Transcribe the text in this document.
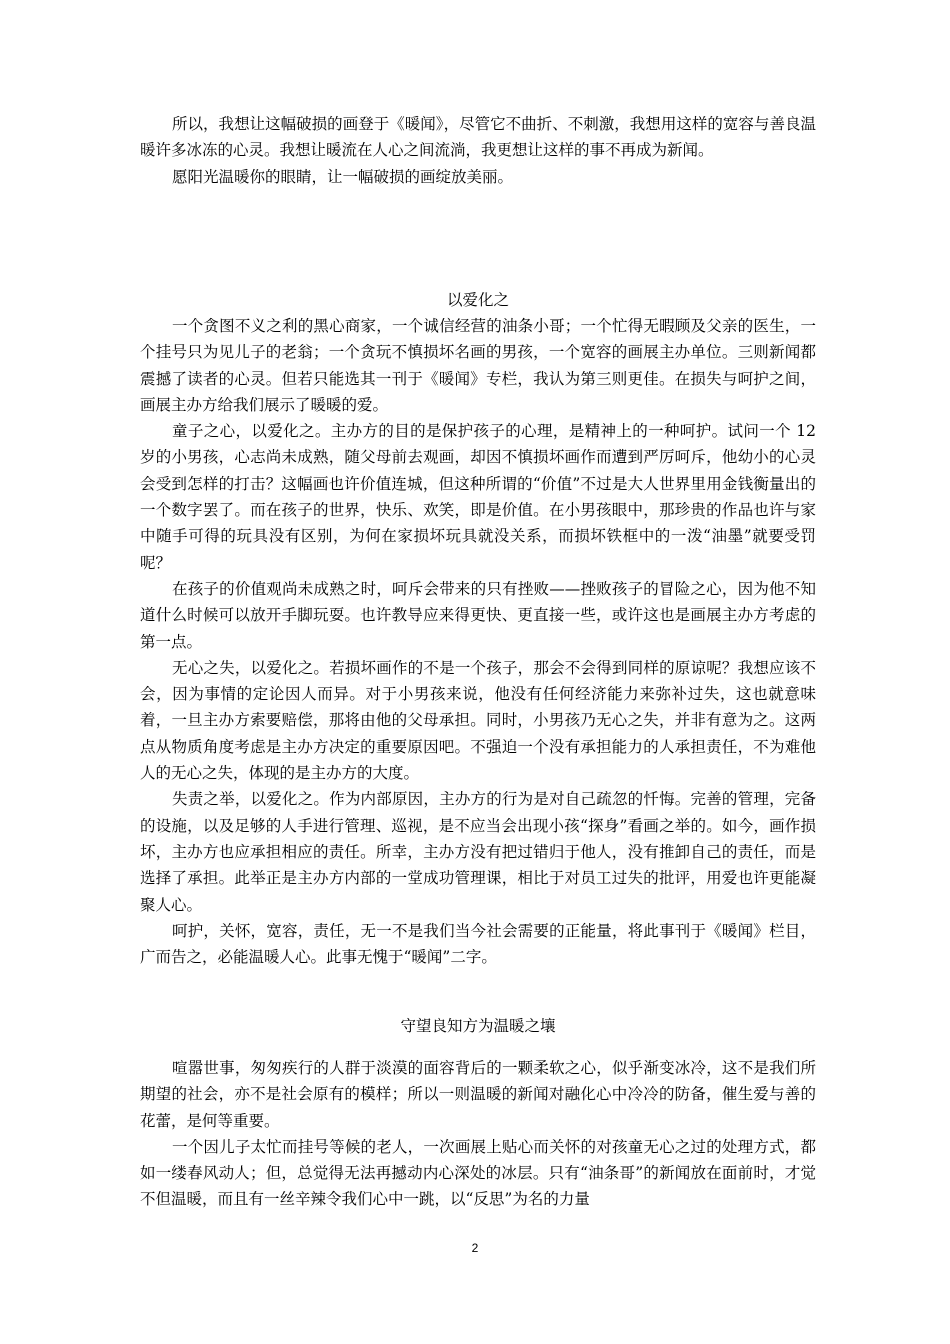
所以，我想让这幅破损的画登于《暖闻》，尽管它不曲折、不刺激，我想用这样的宽容与善良温暖许多冰冻的心灵。我想让暖流在人心之间流淌，我更想让这样的事不再成为新闻。

愿阳光温暖你的眼睛，让一幅破损的画绽放美丽。

以爱化之

一个贪图不义之利的黑心商家，一个诚信经营的油条小哥；一个忙得无暇顾及父亲的医生，一个挂号只为见儿子的老翁；一个贪玩不慎损坏名画的男孩，一个宽容的画展主办单位。三则新闻都震撼了读者的心灵。但若只能选其一刊于《暖闻》专栏，我认为第三则更佳。在损失与呵护之间，画展主办方给我们展示了暖暖的爱。

童子之心，以爱化之。主办方的目的是保护孩子的心理，是精神上的一种呵护。试问一个 12 岁的小男孩，心志尚未成熟，随父母前去观画，却因不慎损坏画作而遭到严厉呵斥，他幼小的心灵会受到怎样的打击？这幅画也许价值连城，但这种所谓的“价值”不过是大人世界里用金钱衡量出的一个数字罢了。而在孩子的世界，快乐、欢笑，即是价值。在小男孩眼中，那珍贵的作品也许与家中随手可得的玩具没有区别，为何在家损坏玩具就没关系，而损坏铁框中的一泼“油墨”就要受罚呢？

在孩子的价值观尚未成熟之时，呵斥会带来的只有挫败——挫败孩子的冒险之心，因为他不知道什么时候可以放开手脚玩耍。也许教导应来得更快、更直接一些，或许这也是画展主办方考虑的第一点。

无心之失，以爱化之。若损坏画作的不是一个孩子，那会不会得到同样的原谅呢？我想应该不会，因为事情的定论因人而异。对于小男孩来说，他没有任何经济能力来弥补过失，这也就意味着，一旦主办方索要赔偿，那将由他的父母承担。同时，小男孩乃无心之失，并非有意为之。这两点从物质角度考虑是主办方决定的重要原因吧。不强迫一个没有承担能力的人承担责任，不为难他人的无心之失，体现的是主办方的大度。

失责之举，以爱化之。作为内部原因，主办方的行为是对自己疏忽的忏悔。完善的管理，完备的设施，以及足够的人手进行管理、巡视，是不应当会出现小孩“探身”看画之举的。如今，画作损坏，主办方也应承担相应的责任。所幸，主办方没有把过错归于他人，没有推卸自己的责任，而是选择了承担。此举正是主办方内部的一堂成功管理课，相比于对员工过失的批评，用爱也许更能凝聚人心。

呵护，关怀，宽容，责任，无一不是我们当今社会需要的正能量，将此事刊于《暖闻》栏目，广而告之，必能温暖人心。此事无愧于“暖闻”二字。

守望良知方为温暖之壤

喧嚣世事，匆匆疾行的人群于淡漠的面容背后的一颗柔软之心，似乎渐变冰冷，这不是我们所期望的社会，亦不是社会原有的模样；所以一则温暖的新闻对融化心中冷冷的防备，催生爱与善的花蕾，是何等重要。

一个因儿子太忙而挂号等候的老人，一次画展上贴心而关怀的对孩童无心之过的处理方式，都如一缕春风动人；但，总觉得无法再撼动内心深处的冰层。只有“油条哥”的新闻放在面前时，才觉不但温暖，而且有一丝辛辣令我们心中一跳，以“反思”为名的力量

2
